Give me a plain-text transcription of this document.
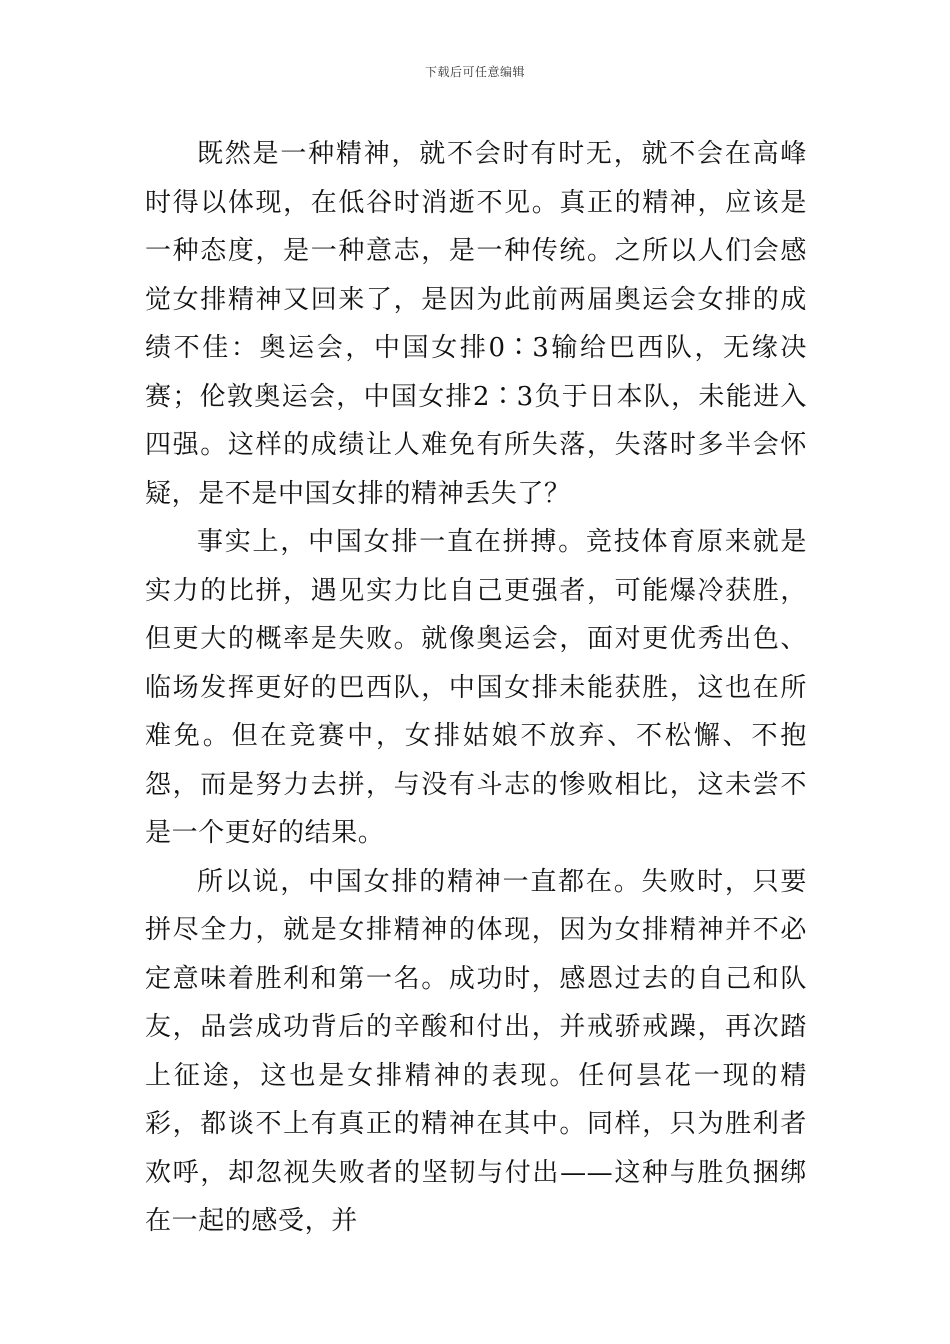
下载后可任意编辑

既然是一种精神，就不会时有时无，就不会在高峰时得以体现，在低谷时消逝不见。真正的精神，应该是一种态度，是一种意志，是一种传统。之所以人们会感觉女排精神又回来了，是因为此前两届奥运会女排的成绩不佳：奥运会，中国女排0∶3输给巴西队，无缘决赛；伦敦奥运会，中国女排2∶3负于日本队，未能进入四强。这样的成绩让人难免有所失落，失落时多半会怀疑，是不是中国女排的精神丢失了？

事实上，中国女排一直在拼搏。竞技体育原来就是实力的比拼，遇见实力比自己更强者，可能爆冷获胜，但更大的概率是失败。就像奥运会，面对更优秀出色、临场发挥更好的巴西队，中国女排未能获胜，这也在所难免。但在竞赛中，女排姑娘不放弃、不松懈、不抱怨，而是努力去拼，与没有斗志的惨败相比，这未尝不是一个更好的结果。

所以说，中国女排的精神一直都在。失败时，只要拼尽全力，就是女排精神的体现，因为女排精神并不必定意味着胜利和第一名。成功时，感恩过去的自己和队友，品尝成功背后的辛酸和付出，并戒骄戒躁，再次踏上征途，这也是女排精神的表现。任何昙花一现的精彩，都谈不上有真正的精神在其中。同样，只为胜利者欢呼，却忽视失败者的坚韧与付出——这种与胜负捆绑在一起的感受，并
